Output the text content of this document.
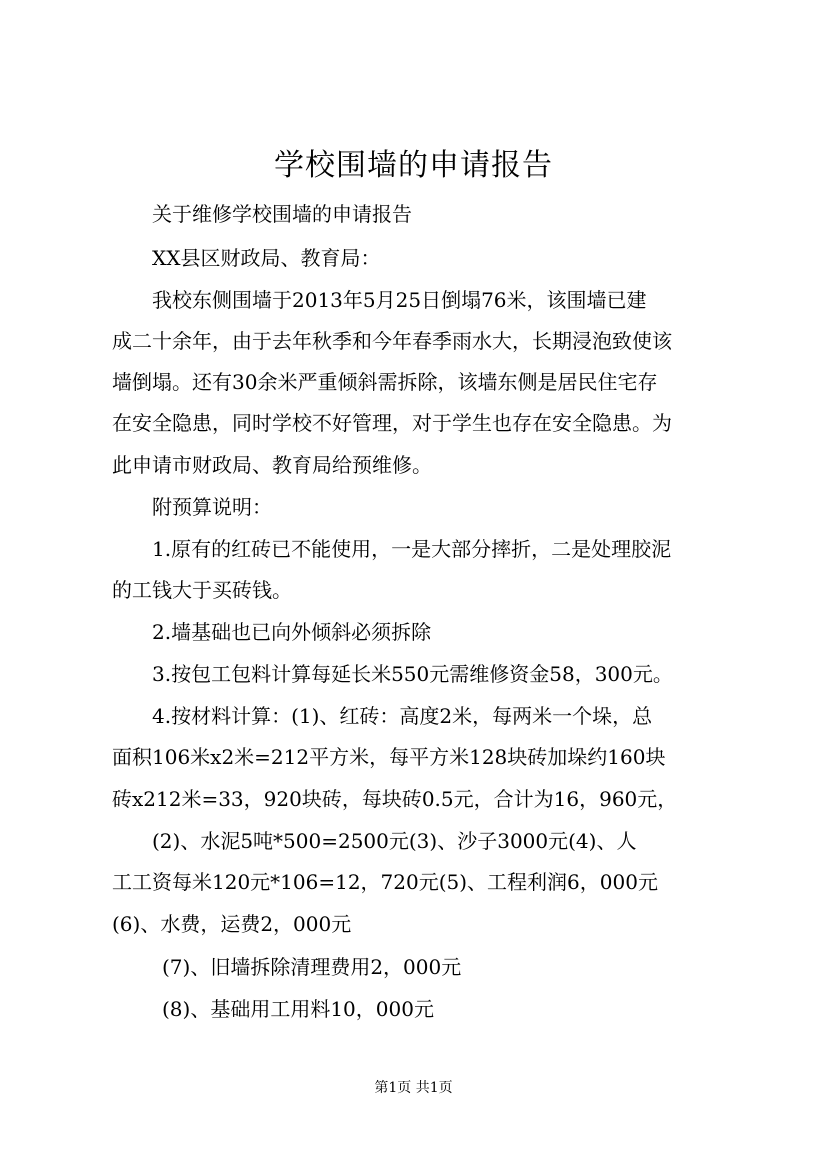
学校围墙的申请报告
关于维修学校围墙的申请报告
XX县区财政局、教育局：
我校东侧围墙于2013年5月25日倒塌76米，该围墙已建
成二十余年，由于去年秋季和今年春季雨水大，长期浸泡致使该
墙倒塌。还有30余米严重倾斜需拆除，该墙东侧是居民住宅存
在安全隐患，同时学校不好管理，对于学生也存在安全隐患。为
此申请市财政局、教育局给预维修。
附预算说明：
1.原有的红砖已不能使用，一是大部分摔折，二是处理胶泥
的工钱大于买砖钱。
2.墙基础也已向外倾斜必须拆除
3.按包工包料计算每延长米550元需维修资金58，300元。
4.按材料计算：(1)、红砖：高度2米，每两米一个垛，总
面积106米x2米=212平方米，每平方米128块砖加垛约160块
砖x212米=33，920块砖，每块砖0.5元，合计为16，960元，
(2)、水泥5吨*500=2500元(3)、沙子3000元(4)、人
工工资每米120元*106=12，720元(5)、工程利润6，000元
(6)、水费，运费2，000元
(7)、旧墙拆除清理费用2，000元
(8)、基础用工用料10，000元
第1页 共1页
